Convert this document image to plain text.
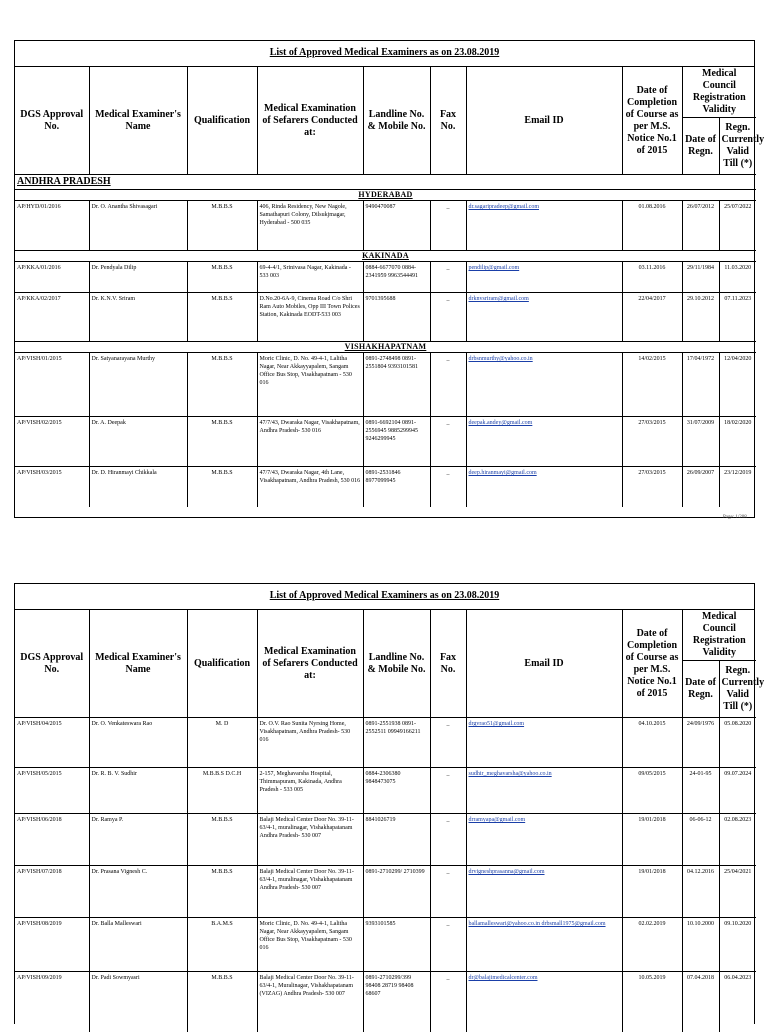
List of Approved Medical Examiners as on 23.08.2019
DGS Approval No.	Medical Examiner's Name	Qualification	Medical Examination of Sefarers Conducted at:	Landline No. & Mobile No.	Fax No.	Email ID	Date of Completion of Course as per M.S. Notice No.1 of 2015	Medical Council Registration Validity	
								Date of Regn.	Regn. Currently Valid Till (*)
ANDHRA PRADESH									
HYDERABAD									
AP/HYD/01/2016	Dr. O. Anantha Shivasagari	M.B.B.S	406, Rinda Residency, New Nagole, Samathapuri Colony, Dilsukjmagar, Hyderabad - 500 035	9490470087	_	dr.sagaripradeep@gmail.com	01.08.2016	26/07/2012	25/07/2022
KAKINADA									
AP/KKA/01/2016	Dr. Pendyala Dilip	M.B.B.S	69-4-4/1, Srinivasa Nagar, Kakinada - 533 003	0884-6677070 0884-2341959 9963544491	_	pendilip@gmail.com	03.11.2016	29/11/1984	11.03.2020
AP/KKA/02/2017	Dr. K.N.V. Sriram	M.B.B.S	D.No.20-6A-9, Cinema Road C/o Shri Ram Auto Mobiles, Opp III Town Polices Station, Kakinada EODT-533 003	9701395688	_	drknvsriram@gmail.com	22/04/2017	29.10.2012	07.11.2023
VISHAKHAPATNAM									
AP/VISH/01/2015	Dr. Satyanarayana Murthy	M.B.B.S	Moric Clinic, D. No. 49-4-1, Lalitha Nagar, Near Akkayyapalem, Sangam Office Bus Stop, Visakhapatnam - 530 016	0891-2748498 0891-2551804 9393101581	_	drbsnmurthy@yahoo.co.in	14/02/2015	17/04/1972	12/04/2020
AP/VISH/02/2015	Dr. A. Deepak	M.B.B.S	47/7/43, Dwaraka Nagar, Visakhapatnam, Andhra Pradesh- 530 016	0891-6692104 0891-2556945 9885299945 9246299945	_	deepak.andey@gmail.com	27/03/2015	31/07/2009	18/02/2020
AP/VISH/03/2015	Dr. D. Hiranmayi Chikkala	M.B.B.S	47/7/43, Dwaraka Nagar, 4th Lane, Visakhapatnam, Andhra Pradesh, 530 016	0891-2531846 8977099945	_	deep.hiranmayi@gmail.com	27/03/2015	26/09/2007	23/12/2019
Page: 1/208
List of Approved Medical Examiners as on 23.08.2019
DGS Approval No.	Medical Examiner's Name	Qualification	Medical Examination of Sefarers Conducted at:	Landline No. & Mobile No.	Fax No.	Email ID	Date of Completion of Course as per M.S. Notice No.1 of 2015	Medical Council Registration Validity	
								Date of Regn.	Regn. Currently Valid Till (*)
AP/VISH/04/2015	Dr. O. Venkateswara Rao	M. D	Dr. O.V. Rao Sunita Nyrsing Home, Visakhapatnam, Andhra Pradesh- 530 016	0891-2551938 0891-2552511 09949166211	_	drgvrao51@gmail.com	04.10.2015	24/09/1976	05.08.2020
AP/VISH/05/2015	Dr. R. B. V. Sudhir	M.B.B.S D.C.H	2-157, Meghavarsha Hospital, Thimmapuram, Kakinada, Andhra Pradesh - 533 005	0884-2306380 9848473075	_	sudhir_meghavarsha@yahoo.co.in	09/05/2015	24-01-95	09.07.2024
AP/VISH/06/2018	Dr. Ramya P.	M.B.B.S	Balaji Medical Center Door No. 39-11-63/4-1, muralinagar, Vishakhapatanam Andhra Pradesh- 530 007	8841026719	_	drramyapa@gmail.com	19/01/2018	06-06-12	02.08.2023
AP/VISH/07/2018	Dr. Prasana Vignesh C.	M.B.B.S	Balaji Medical Center Door No. 39-11-63/4-1, muralinagar, Vishakhapatanam Andhra Pradesh- 530 007	0891-2710299/ 2710399	_	drvigneshprasanna@gmail.com	19/01/2018	04.12.2016	25/04/2021
AP/VISH/08/2019	Dr. Balla Malleswari	B.A.M.S	Moric Clinic, D. No. 49-4-1, Lalitha Nagar, Near Akkayyapalem, Sangam Office Bus Stop, Visakhapatnam - 530 016	9393101585	_	ballamalleswari@yahoo.co.in drbsmall1975@gmail.com	02.02.2019	10.10.2000	09.10.2020
AP/VISH/09/2019	Dr. Padi Sowmyasri	M.B.B.S	Balaji Medical Center Door No. 39-11-63/4-1, Muralinagar, Vishakhapatanam (VIZAG) Andhra Pradesh- 530 007	0891-2710299/399 98408 28719 98408 68607	_	dr@balajimedicalcenter.com	10.05.2019	07.04.2018	06.04.2023
